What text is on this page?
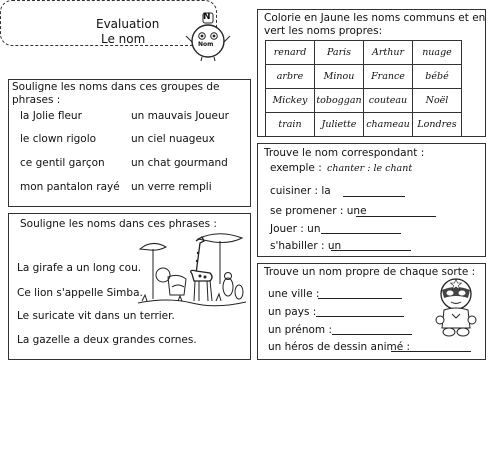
Evaluation
Le nom
N
Nom
Souligne les noms dans ces groupes de
phrases :
la Jolie fleur
le clown rigolo
ce gentil garçon
mon pantalon rayé
un mauvais Joueur
un ciel nuageux
un chat gourmand
un verre rempli
Souligne les noms dans ces phrases :
La girafe a un long cou.
Ce lion s'appelle Simba.
Le suricate vit dans un terrier.
La gazelle a deux grandes cornes.
Colorie en Jaune les noms communs et en
vert les noms propres:
renard	Paris	Arthur	nuage
arbre	Minou	France	bébé
Mickey	toboggan	couteau	Noël
train	Juliette	chameau	Londres
Trouve le nom correspondant :
exemple : chanter : le chant
cuisiner : la
se promener : une
Jouer : un
s'habiller : un
Trouve un nom propre de chaque sorte :
une ville :
un pays :
un prénom :
un héros de dessin animé :
